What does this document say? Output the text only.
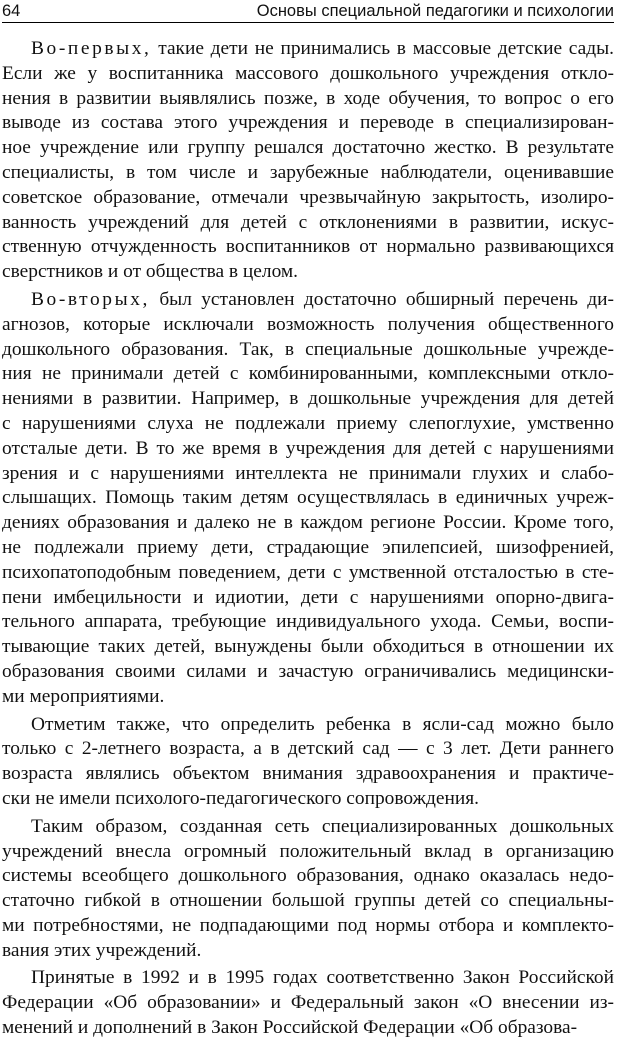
64	Основы специальной педагогики и психологии
Во-первых, такие дети не принимались в массовые детские сады.
Если же у воспитанника массового дошкольного учреждения откло-
нения в развитии выявлялись позже, в ходе обучения, то вопрос о его
выводе из состава этого учреждения и переводе в специализирован-
ное учреждение или группу решался достаточно жестко. В результате
специалисты, в том числе и зарубежные наблюдатели, оценивавшие
советское образование, отмечали чрезвычайную закрытость, изолиро-
ванность учреждений для детей с отклонениями в развитии, искус-
ственную отчужденность воспитанников от нормально развивающихся
сверстников и от общества в целом.
Во-вторых, был установлен достаточно обширный перечень ди-
агнозов, которые исключали возможность получения общественного
дошкольного образования. Так, в специальные дошкольные учрежде-
ния не принимали детей с комбинированными, комплексными откло-
нениями в развитии. Например, в дошкольные учреждения для детей
с нарушениями слуха не подлежали приему слепоглухие, умственно
отсталые дети. В то же время в учреждения для детей с нарушениями
зрения и с нарушениями интеллекта не принимали глухих и слабо-
слышащих. Помощь таким детям осуществлялась в единичных учреж-
дениях образования и далеко не в каждом регионе России. Кроме того,
не подлежали приему дети, страдающие эпилепсией, шизофренией,
психопатоподобным поведением, дети с умственной отсталостью в сте-
пени имбецильности и идиотии, дети с нарушениями опорно-двига-
тельного аппарата, требующие индивидуального ухода. Семьи, воспи-
тывающие таких детей, вынуждены были обходиться в отношении их
образования своими силами и зачастую ограничивались медицински-
ми мероприятиями.
Отметим также, что определить ребенка в ясли-сад можно было
только с 2-летнего возраста, а в детский сад — с 3 лет. Дети раннего
возраста являлись объектом внимания здравоохранения и практиче-
ски не имели психолого-педагогического сопровождения.
Таким образом, созданная сеть специализированных дошкольных
учреждений внесла огромный положительный вклад в организацию
системы всеобщего дошкольного образования, однако оказалась недо-
статочно гибкой в отношении большой группы детей со специальны-
ми потребностями, не подпадающими под нормы отбора и комплекто-
вания этих учреждений.
Принятые в 1992 и в 1995 годах соответственно Закон Российской
Федерации «Об образовании» и Федеральный закон «О внесении из-
менений и дополнений в Закон Российской Федерации «Об образова-
